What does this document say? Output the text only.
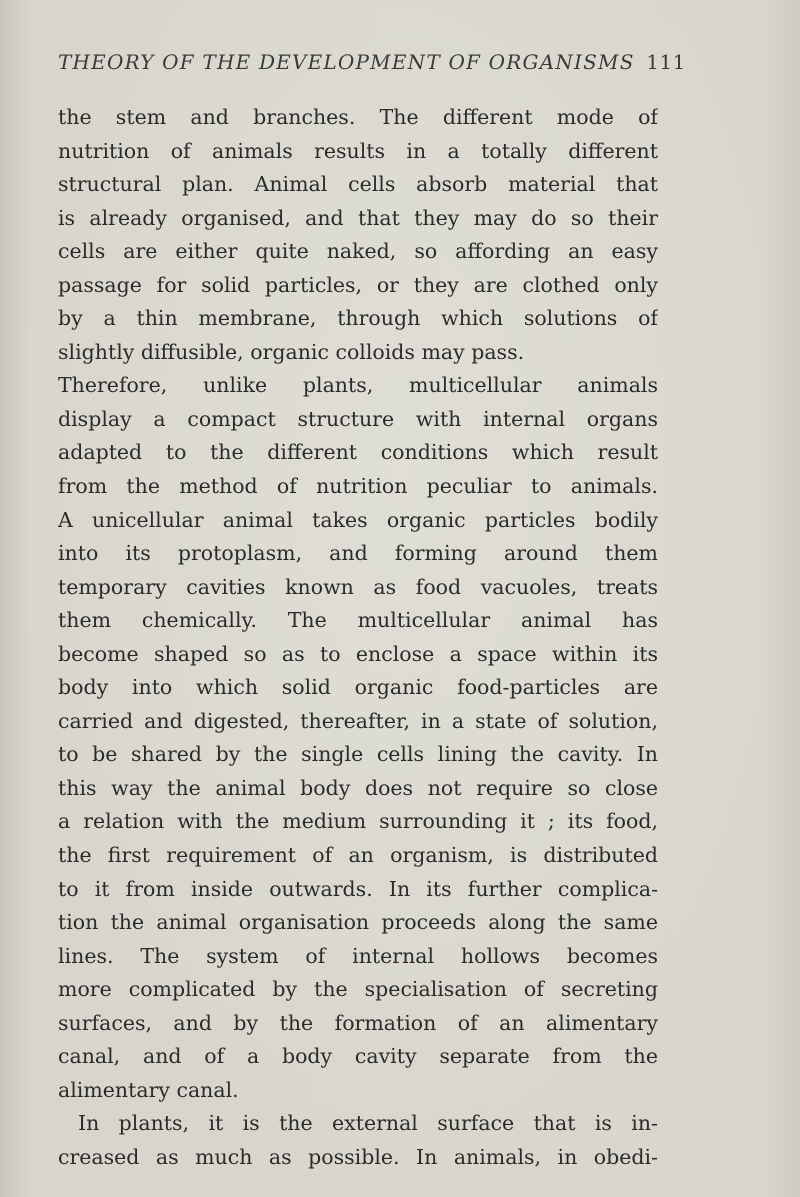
THEORY OF THE DEVELOPMENT OF ORGANISMS 111
the stem and branches. The different mode of
nutrition of animals results in a totally different
structural plan. Animal cells absorb material that
is already organised, and that they may do so their
cells are either quite naked, so affording an easy
passage for solid particles, or they are clothed only
by a thin membrane, through which solutions of
slightly diffusible, organic colloids may pass.
Therefore, unlike plants, multicellular animals
display a compact structure with internal organs
adapted to the different conditions which result
from the method of nutrition peculiar to animals.
A unicellular animal takes organic particles bodily
into its protoplasm, and forming around them
temporary cavities known as food vacuoles, treats
them chemically. The multicellular animal has
become shaped so as to enclose a space within its
body into which solid organic food-particles are
carried and digested, thereafter, in a state of solution,
to be shared by the single cells lining the cavity. In
this way the animal body does not require so close
a relation with the medium surrounding it ; its food,
the first requirement of an organism, is distributed
to it from inside outwards. In its further complica-
tion the animal organisation proceeds along the same
lines. The system of internal hollows becomes
more complicated by the specialisation of secreting
surfaces, and by the formation of an alimentary
canal, and of a body cavity separate from the
alimentary canal.
In plants, it is the external surface that is in-
creased as much as possible. In animals, in obedi-
